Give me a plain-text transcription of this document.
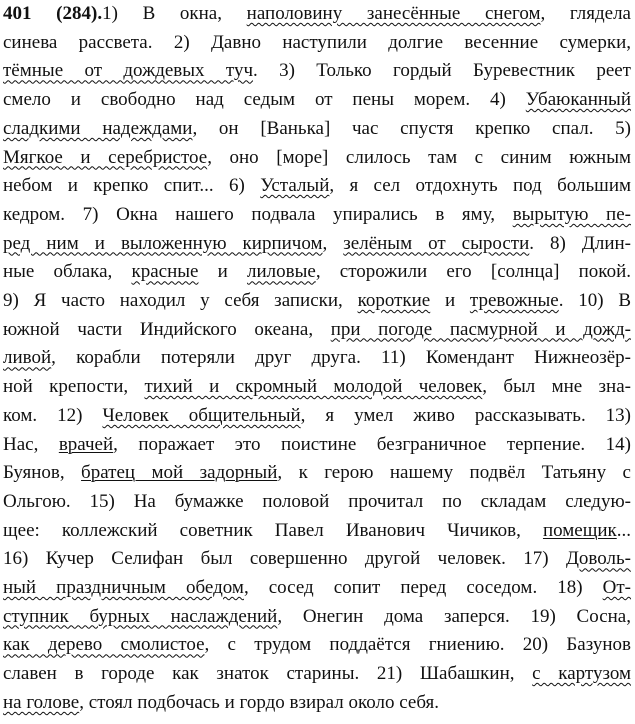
401 (284).1) В окна, наполовину занесённые снегом, глядела
синева рассвета. 2) Давно наступили долгие весенние сумерки,
тёмные от дождевых туч. 3) Только гордый Буревестник реет
смело и свободно над седым от пены морем. 4) Убаюканный
сладкими надеждами, он [Ванька] час спустя крепко спал. 5)
Мягкое и серебристое, оно [море] слилось там с синим южным
небом и крепко спит... 6) Усталый, я сел отдохнуть под большим
кедром. 7) Окна нашего подвала упирались в яму, вырытую пе-
ред ним и выложенную кирпичом, зелёным от сырости. 8) Длин-
ные облака, красные и лиловые, сторожили его [солнца] покой.
9) Я часто находил у себя записки, короткие и тревожные. 10) В
южной части Индийского океана, при погоде пасмурной и дожд-
ливой, корабли потеряли друг друга. 11) Комендант Нижнеозёр-
ной крепости, тихий и скромный молодой человек, был мне зна-
ком. 12) Человек общительный, я умел живо рассказывать. 13)
Нас, врачей, поражает это поистине безграничное терпение. 14)
Буянов, братец мой задорный, к герою нашему подвёл Татьяну с
Ольгою. 15) На бумажке половой прочитал по складам следую-
щее: коллежский советник Павел Иванович Чичиков, помещик...
16) Кучер Селифан был совершенно другой человек. 17) Доволь-
ный праздничным обедом, сосед сопит перед соседом. 18) От-
ступник бурных наслаждений, Онегин дома заперся. 19) Сосна,
как дерево смолистое, с трудом поддаётся гниению. 20) Базунов
славен в городе как знаток старины. 21) Шабашкин, с картузом
на голове, стоял подбочась и гордо взирал около себя.
